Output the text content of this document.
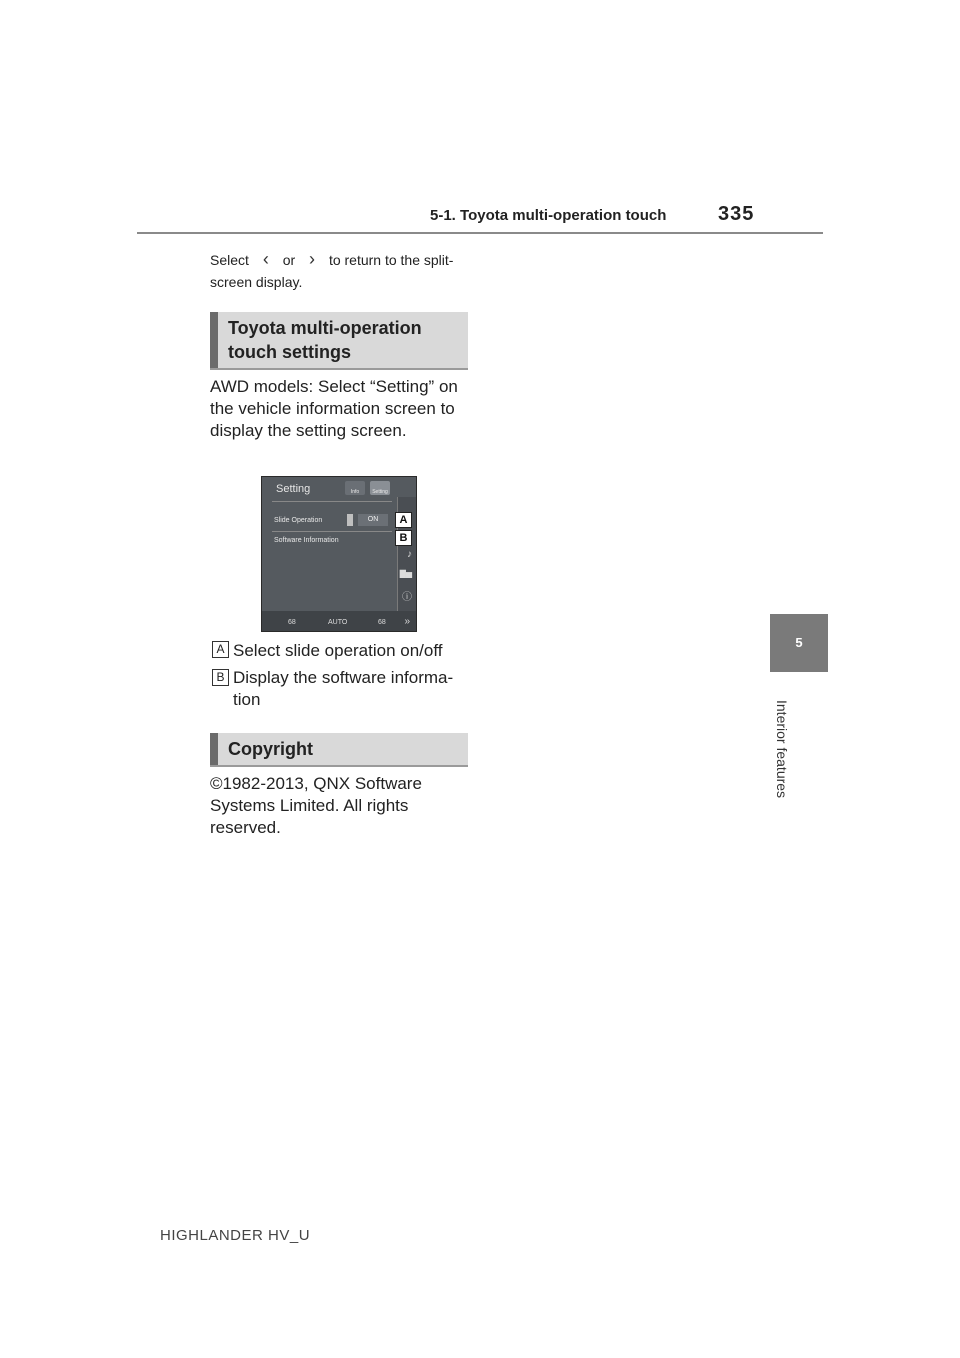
5-1. Toyota multi-operation touch	335
Select ‹ or › to return to the split-screen display.
Toyota multi-operation
touch settings
AWD models: Select “Setting” on the vehicle information screen to display the setting screen.
Setting	Info	Setting
Slide Operation	ON
Software Information
♪
▇▅
ⓘ
68	AUTO	68 »
A
B
A Select slide operation on/off
B Display the software informa-tion
Copyright
©1982-2013, QNX Software Systems Limited. All rights reserved.
5
Interior features
HIGHLANDER HV_U
